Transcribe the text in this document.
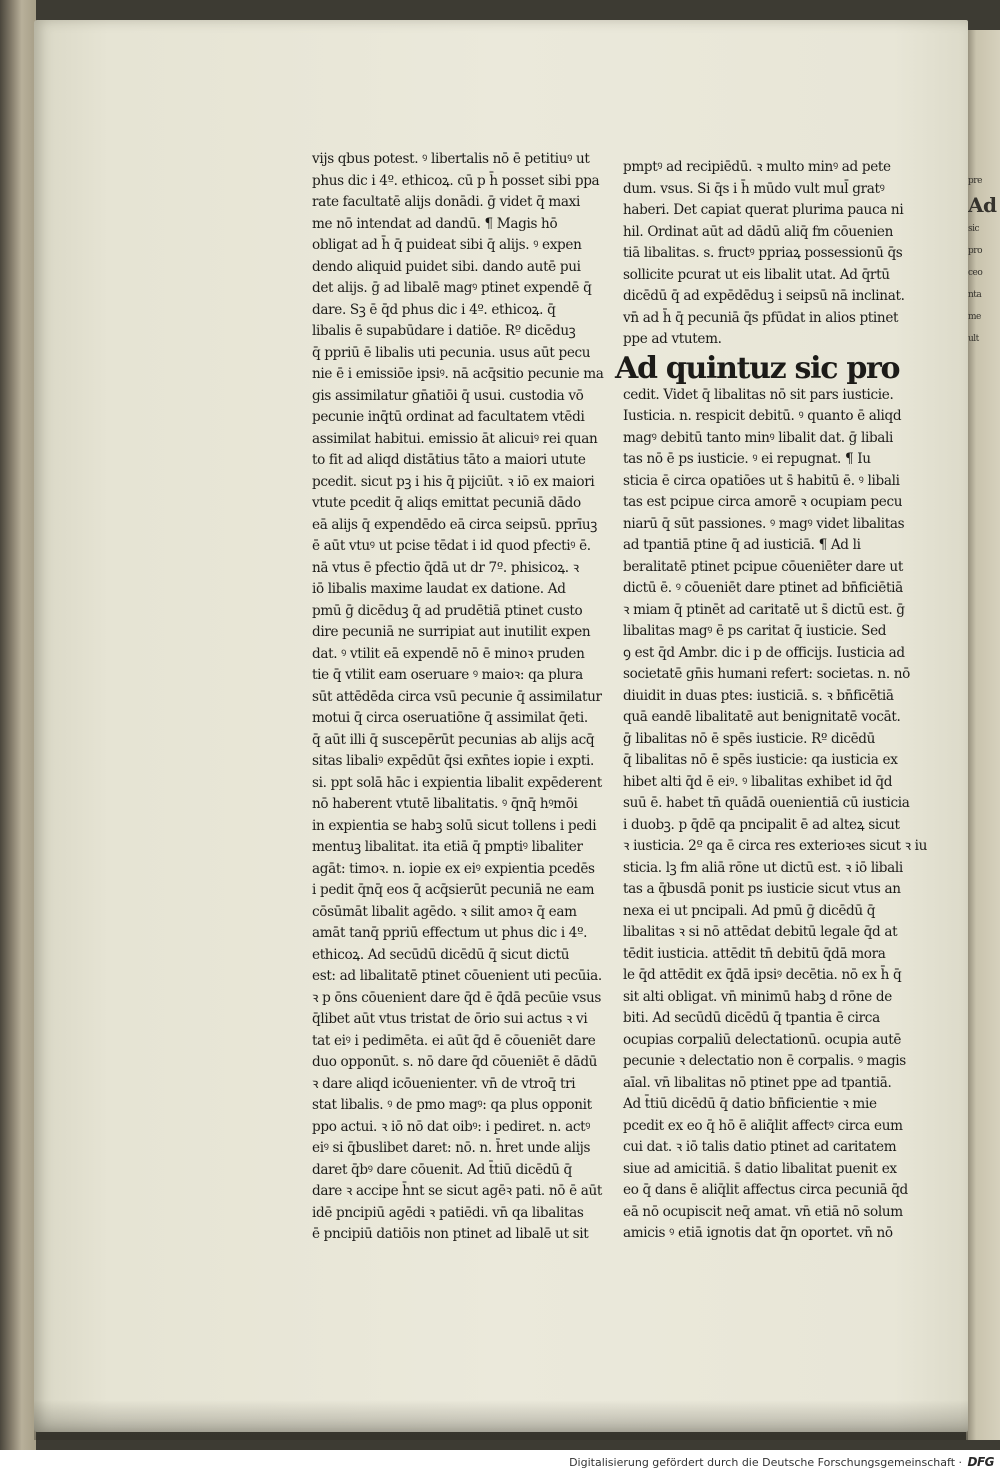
pre
Ad
sic
pro
ceo
nta
me
ult
vijs qbus potest. ꝰ libertalis nō ē petitiuꝰ ut
phus dic i 4º. ethicoꝝ. cū p h̄ posset sibi ppa
rate facultatē alijs donādi. ḡ videt q̄ maxi
me nō intendat ad dandū. ¶ Magis hō
obligat ad h̄ q̄ puideat sibi q̄ alijs. ꝰ expen
dendo aliquid puidet sibi. dando autē pui
det alijs. ḡ ad libalē magꝰ ptinet expendē q̄
dare. Sꝫ ē q̄d phus dic i 4º. ethicoꝝ. q̄
libalis ē supabūdare i datiōe. Rº dicēduꝫ
q̄ ppriū ē libalis uti pecunia. usus aūt pecu
nie ē i emissiōe ipsiꝰ. nā acq̄sitio pecunie ma
gis assimilatur gn̄atiōi q̄ usui. custodia vō
pecunie inq̄tū ordinat ad facultatem vtēdi
assimilat habitui. emissio āt alicuiꝰ rei quan
to fit ad aliqd distātius tāto a maiori utute
pcedit. sicut pꝫ i his q̄ pijciūt. ꝛ iō ex maiori
vtute pcedit q̄ aliqs emittat pecuniā dādo
eā alijs q̄ expendēdo eā circa seipsū. pprīuꝫ
ē aūt vtuꝰ ut pcise tēdat i id quod pfectiꝰ ē.
nā vtus ē pfectio q̄dā ut dr 7º. phisicoꝝ. ꝛ
iō libalis maxime laudat ex datione. Ad
pmū ḡ dicēduꝫ q̄ ad prudētiā ptinet custo
dire pecuniā ne surripiat aut inutilit expen
dat. ꝰ vtilit eā expendē nō ē minoꝛ pruden
tie q̄ vtilit eam oseruare ꝰ maioꝛ: qa plura
sūt attēdēda circa vsū pecunie q̄ assimilatur
motui q̄ circa oseruatiōne q̄ assimilat q̄eti.
q̄ aūt illi q̄ suscepērūt pecunias ab alijs acq̄
sitas libaliꝰ expēdūt q̄si exn̄tes iopie i expti.
si. ppt solā hāc i expientia libalit expēderent
nō haberent vtutē libalitatis. ꝰ q̄nq̄ hꝰmōi
in expientia se habꝫ solū sicut tollens i pedi
mentuꝫ libalitat. ita etiā q̄ pmptiꝰ libaliter
agāt: timoꝛ. n. iopie ex eiꝰ expientia pcedēs
i pedit q̄nq̄ eos q̄ acq̄sierūt pecuniā ne eam
cōsūmāt libalit agēdo. ꝛ silit amoꝛ q̄ eam
amāt tanq̄ ppriū effectum ut phus dic i 4º.
ethicoꝝ. Ad secūdū dicēdū q̄ sicut dictū
est: ad libalitatē ptinet cōuenient uti pecūia.
ꝛ p ōns cōuenient dare q̄d ē q̄dā pecūie vsus
q̄libet aūt vtus tristat de ōrio sui actus ꝛ vi
tat eiꝰ i pedimēta. ei aūt q̄d ē cōueniēt dare
duo opponūt. s. nō dare q̄d cōueniēt ē dādū
ꝛ dare aliqd icōuenienter. vn̄ de vtroq̄ tri
stat libalis. ꝰ de pmo magꝰ: qa plus opponit
ppo actui. ꝛ iō nō dat oibꝰ: i pediret. n. actꝰ
eiꝰ si q̄buslibet daret: nō. n. h̄ret unde alijs
daret q̄bꝰ dare cōuenit. Ad t̄tiū dicēdū q̄
dare ꝛ accipe h̄nt se sicut agēꝛ pati. nō ē aūt
idē pncipiū agēdi ꝛ patiēdi. vn̄ qa libalitas
ē pncipiū datiōis non ptinet ad libalē ut sit
pmptꝰ ad recipiēdū. ꝛ multo minꝰ ad pete
dum. vsus. Si q̄s i h̄ mūdo vult mul̄ gratꝰ
haberi. Det capiat querat plurima pauca ni
hil. Ordinat aūt ad dādū aliq̄ fm cōuenien
tiā libalitas. s. fructꝰ ppriaꝝ possessionū q̄s
sollicite pcurat ut eis libalit utat. Ad q̄rtū
dicēdū q̄ ad expēdēduꝫ i seipsū nā inclinat.
vn̄ ad h̄ q̄ pecuniā q̄s pfūdat in alios ptinet
ppe ad vtutem.
Ad quintuz sic pro
cedit. Videt q̄ libalitas nō sit pars iusticie.
Iusticia. n. respicit debitū. ꝰ quanto ē aliqd
magꝰ debitū tanto minꝰ libalit dat. ḡ libali
tas nō ē ps iusticie. ꝰ ei repugnat. ¶ Iu
sticia ē circa opatiōes ut s̄ habitū ē. ꝰ libali
tas est pcipue circa amorē ꝛ ocupiam pecu
niarū q̄ sūt passiones. ꝰ magꝰ videt libalitas
ad tpantiā ptine q̄ ad iusticiā. ¶ Ad li
beralitatē ptinet pcipue cōueniēter dare ut
dictū ē. ꝰ cōueniēt dare ptinet ad bn̄ficiētiā
ꝛ miam q̄ ptinēt ad caritatē ut s̄ dictū est. ḡ
libalitas magꝰ ē ps caritat q̄ iusticie. Sed
ꝯ est q̄d Ambr. dic i p de officijs. Iusticia ad
societatē gn̄is humani refert: societas. n. nō
diuidit in duas ptes: iusticiā. s. ꝛ bn̄ficētiā
quā eandē libalitatē aut benignitatē vocāt.
ḡ libalitas nō ē spēs iusticie. Rº dicēdū
q̄ libalitas nō ē spēs iusticie: qa iusticia ex
hibet alti q̄d ē eiꝰ. ꝰ libalitas exhibet id q̄d
suū ē. habet tn̄ quādā ouenientiā cū iusticia
i duobꝫ. p q̄dē qa pncipalit ē ad alteꝝ sicut
ꝛ iusticia. 2º qa ē circa res exterioꝛes sicut ꝛ iu
sticia. lꝫ fm aliā rōne ut dictū est. ꝛ iō libali
tas a q̄busdā ponit ps iusticie sicut vtus an
nexa ei ut pncipali. Ad pmū ḡ dicēdū q̄
libalitas ꝛ si nō attēdat debitū legale q̄d at
tēdit iusticia. attēdit tn̄ debitū q̄dā mora
le q̄d attēdit ex q̄dā ipsiꝰ decētia. nō ex h̄ q̄
sit alti obligat. vn̄ minimū habꝫ d rōne de
biti. Ad secūdū dicēdū q̄ tpantia ē circa
ocupias corpaliū delectationū. ocupia autē
pecunie ꝛ delectatio non ē corpalis. ꝰ magis
aīal. vn̄ libalitas nō ptinet ppe ad tpantiā.
Ad t̄tiū dicēdū q̄ datio bn̄ficientie ꝛ mie
pcedit ex eo q̄ hō ē aliq̄lit affectꝰ circa eum
cui dat. ꝛ iō talis datio ptinet ad caritatem
siue ad amicitiā. s̄ datio libalitat puenit ex
eo q̄ dans ē aliq̄lit affectus circa pecuniā q̄d
eā nō ocupiscit neq̄ amat. vn̄ etiā nō solum
amicis ꝰ etiā ignotis dat q̄n oportet. vn̄ nō
Digitalisierung gefördert durch die Deutsche Forschungsgemeinschaft · DFG
